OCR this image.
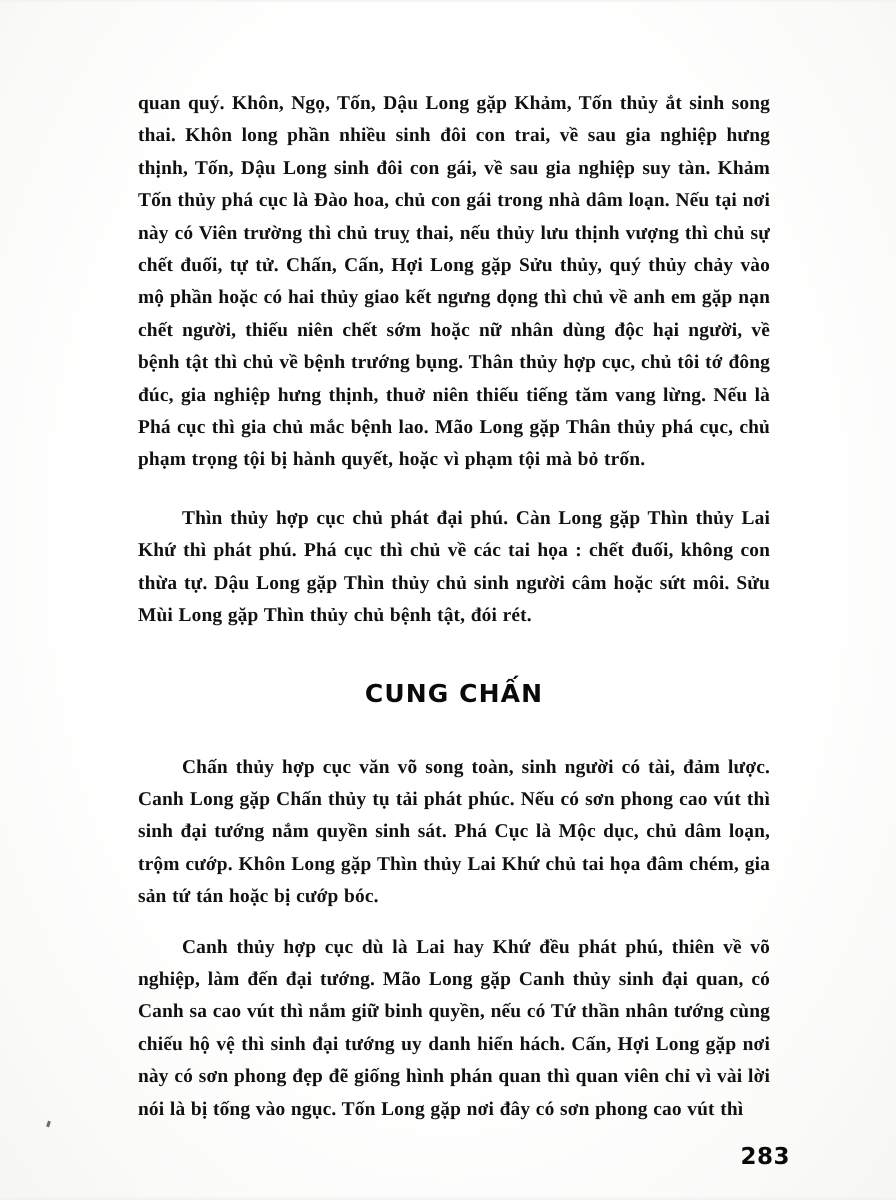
quan quý. Khôn, Ngọ, Tốn, Dậu Long gặp Khảm, Tốn thủy ắt sinh song thai. Khôn long phần nhiều sinh đôi con trai, về sau gia nghiệp hưng thịnh, Tốn, Dậu Long sinh đôi con gái, về sau gia nghiệp suy tàn. Khảm Tốn thủy phá cục là Đào hoa, chủ con gái trong nhà dâm loạn. Nếu tại nơi này có Viên trường thì chủ truỵ thai, nếu thủy lưu thịnh vượng thì chủ sự chết đuối, tự tử. Chấn, Cấn, Hợi Long gặp Sửu thủy, quý thủy chảy vào mộ phần hoặc có hai thủy giao kết ngưng dọng thì chủ về anh em gặp nạn chết người, thiếu niên chết sớm hoặc nữ nhân dùng độc hại người, về bệnh tật thì chủ về bệnh trướng bụng. Thân thủy hợp cục, chủ tôi tớ đông đúc, gia nghiệp hưng thịnh, thuở niên thiếu tiếng tăm vang lừng. Nếu là Phá cục thì gia chủ mắc bệnh lao. Mão Long gặp Thân thủy phá cục, chủ phạm trọng tội bị hành quyết, hoặc vì phạm tội mà bỏ trốn.

Thìn thủy hợp cục chủ phát đại phú. Càn Long gặp Thìn thủy Lai Khứ thì phát phú. Phá cục thì chủ về các tai họa : chết đuối, không con thừa tự. Dậu Long gặp Thìn thủy chủ sinh người câm hoặc sứt môi. Sửu Mùi Long gặp Thìn thủy chủ bệnh tật, đói rét.

CUNG CHẤN

Chấn thủy hợp cục văn võ song toàn, sinh người có tài, đảm lược. Canh Long gặp Chấn thủy tụ tải phát phúc. Nếu có sơn phong cao vút thì sinh đại tướng nắm quyền sinh sát. Phá Cục là Mộc dục, chủ dâm loạn, trộm cướp. Khôn Long gặp Thìn thủy Lai Khứ chủ tai họa đâm chém, gia sản tứ tán hoặc bị cướp bóc.

Canh thủy hợp cục dù là Lai hay Khứ đều phát phú, thiên về võ nghiệp, làm đến đại tướng. Mão Long gặp Canh thủy sinh đại quan, có Canh sa cao vút thì nắm giữ binh quyền, nếu có Tứ thần nhân tướng cùng chiếu hộ vệ thì sinh đại tướng uy danh hiển hách. Cấn, Hợi Long gặp nơi này có sơn phong đẹp đẽ giống hình phán quan thì quan viên chỉ vì vài lời nói là bị tống vào ngục. Tốn Long gặp nơi đây có sơn phong cao vút thì

283
